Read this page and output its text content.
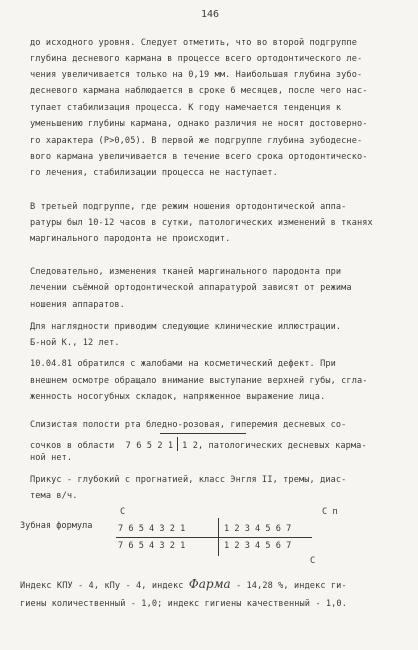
146
до исходного уровня. Следует отметить, что во второй подгруппе
глубина десневого кармана в процессе всего ортодонтического ле-
чения увеличивается только на 0,19 мм. Наибольшая глубина зубо-
десневого кармана наблюдается в сроке 6 месяцев, после чего нас-
тупает стабилизация процесса. К году намечается тенденция к
уменьшению глубины кармана, однако различия не носят достоверно-
го характера (Р>0,05). В первой же подгруппе глубина зубодесне-
вого кармана увеличивается в течение всего срока ортодонтическо-
го лечения, стабилизации процесса не наступает.
В третьей подгруппе, где режим ношения ортодонтической аппа-
ратуры был 10-12 часов в сутки, патологических изменений в тканях
маргинального пародонта не происходит.
Следовательно, изменения тканей маргинального пародонта при
лечении съёмной ортодонтической аппаратурой зависят от режима
ношения аппаратов.
Для наглядности приводим следующие клинические иллюстрации.
Б-ной К., 12 лет.
10.04.81 обратился с жалобами на косметический дефект. При
внешнем осмотре обращало внимание выступание верхней губы, сгла-
женность носогубных складок, напряженное выражение лица.
Слизистая полости рта бледно-розовая, гиперемия десневых со-
сочков в области 7 6 5 2 1 1 2, патологических десневых карма-
ной нет.
Прикус - глубокий с прогнатией, класс Энгля II, тремы, диас-
тема в/ч.
Зубная формула
C	C п
7 6 5 4 3 2 1	1 2 3 4 5 6 7
7 6 5 4 3 2 1	1 2 3 4 5 6 7
C
Индекс КПУ - 4, кПу - 4, индекс Фарма - 14,28 %, индекс ги-
гиены количественный - 1,0; индекс гигиены качественный - 1,0.
